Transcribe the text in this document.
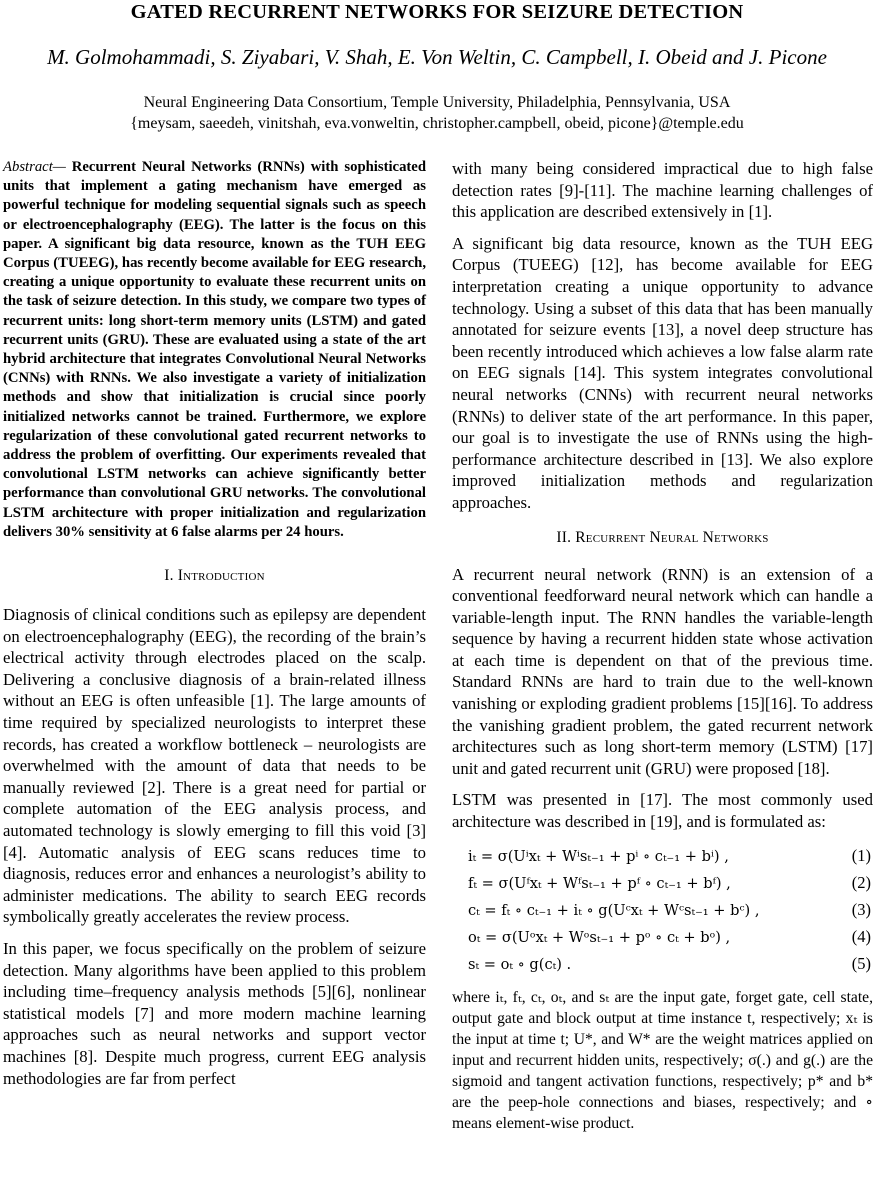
GATED RECURRENT NETWORKS FOR SEIZURE DETECTION
M. Golmohammadi, S. Ziyabari, V. Shah, E. Von Weltin, C. Campbell, I. Obeid and J. Picone
Neural Engineering Data Consortium, Temple University, Philadelphia, Pennsylvania, USA
{meysam, saeedeh, vinitshah, eva.vonweltin, christopher.campbell, obeid, picone}@temple.edu

Abstract— Recurrent Neural Networks (RNNs) with sophisticated units that implement a gating mechanism have emerged as powerful technique for modeling sequential signals such as speech or electroencephalography (EEG). The latter is the focus on this paper. A significant big data resource, known as the TUH EEG Corpus (TUEEG), has recently become available for EEG research, creating a unique opportunity to evaluate these recurrent units on the task of seizure detection. In this study, we compare two types of recurrent units: long short-term memory units (LSTM) and gated recurrent units (GRU). These are evaluated using a state of the art hybrid architecture that integrates Convolutional Neural Networks (CNNs) with RNNs. We also investigate a variety of initialization methods and show that initialization is crucial since poorly initialized networks cannot be trained. Furthermore, we explore regularization of these convolutional gated recurrent networks to address the problem of overfitting. Our experiments revealed that convolutional LSTM networks can achieve significantly better performance than convolutional GRU networks. The convolutional LSTM architecture with proper initialization and regularization delivers 30% sensitivity at 6 false alarms per 24 hours.

I. Introduction

Diagnosis of clinical conditions such as epilepsy are dependent on electroencephalography (EEG), the recording of the brain’s electrical activity through electrodes placed on the scalp. Delivering a conclusive diagnosis of a brain-related illness without an EEG is often unfeasible [1]. The large amounts of time required by specialized neurologists to interpret these records, has created a workflow bottleneck – neurologists are overwhelmed with the amount of data that needs to be manually reviewed [2]. There is a great need for partial or complete automation of the EEG analysis process, and automated technology is slowly emerging to fill this void [3][4]. Automatic analysis of EEG scans reduces time to diagnosis, reduces error and enhances a neurologist’s ability to administer medications. The ability to search EEG records symbolically greatly accelerates the review process.

In this paper, we focus specifically on the problem of seizure detection. Many algorithms have been applied to this problem including time–frequency analysis methods [5][6], nonlinear statistical models [7] and more modern machine learning approaches such as neural networks and support vector machines [8]. Despite much progress, current EEG analysis methodologies are far from perfect

with many being considered impractical due to high false detection rates [9]-[11]. The machine learning challenges of this application are described extensively in [1].

A significant big data resource, known as the TUH EEG Corpus (TUEEG) [12], has become available for EEG interpretation creating a unique opportunity to advance technology. Using a subset of this data that has been manually annotated for seizure events [13], a novel deep structure has been recently introduced which achieves a low false alarm rate on EEG signals [14]. This system integrates convolutional neural networks (CNNs) with recurrent neural networks (RNNs) to deliver state of the art performance. In this paper, our goal is to investigate the use of RNNs using the high-performance architecture described in [13]. We also explore improved initialization methods and regularization approaches.

II. Recurrent Neural Networks

A recurrent neural network (RNN) is an extension of a conventional feedforward neural network which can handle a variable-length input. The RNN handles the variable-length sequence by having a recurrent hidden state whose activation at each time is dependent on that of the previous time. Standard RNNs are hard to train due to the well-known vanishing or exploding gradient problems [15][16]. To address the vanishing gradient problem, the gated recurrent network architectures such as long short-term memory (LSTM) [17] unit and gated recurrent unit (GRU) were proposed [18].

LSTM was presented in [17]. The most commonly used architecture was described in [19], and is formulated as:

iₜ = σ(Uⁱxₜ + Wⁱsₜ₋₁ + pⁱ ∘ cₜ₋₁ + bⁱ) ,	(1)
fₜ = σ(Uᶠxₜ + Wᶠsₜ₋₁ + pᶠ ∘ cₜ₋₁ + bᶠ) ,	(2)
cₜ = fₜ ∘ cₜ₋₁ + iₜ ∘ g(Uᶜxₜ + Wᶜsₜ₋₁ + bᶜ) ,	(3)
oₜ = σ(Uᵒxₜ + Wᵒsₜ₋₁ + pᵒ ∘ cₜ + bᵒ) ,	(4)
sₜ = oₜ ∘ g(cₜ) .	(5)

where iₜ, fₜ, cₜ, oₜ, and sₜ are the input gate, forget gate, cell state, output gate and block output at time instance t, respectively; xₜ is the input at time t; U*, and W* are the weight matrices applied on input and recurrent hidden units, respectively; σ(.) and g(.) are the sigmoid and tangent activation functions, respectively; p* and b* are the peep-hole connections and biases, respectively; and ∘ means element-wise product.
